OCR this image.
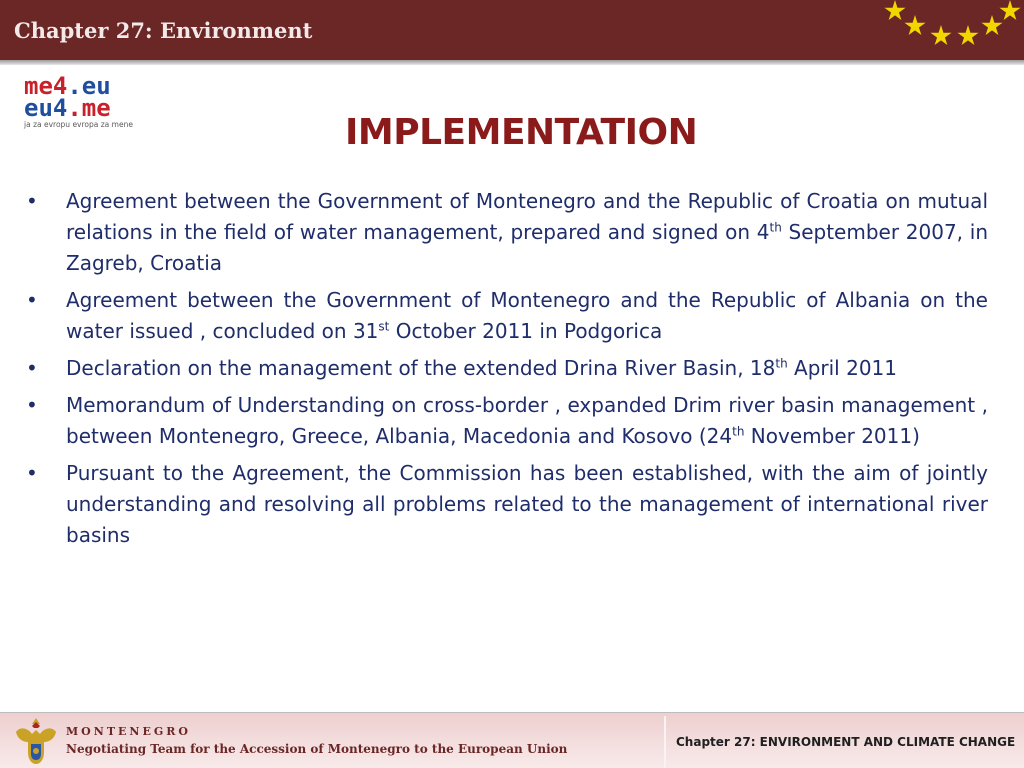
Chapter 27: Environment
me4.eu
eu4.me
ja za evropu evropa za mene	IMPLEMENTATION
• Agreement between the Government of Montenegro and the Republic of Croatia on mutual relations in the field of water management, prepared and signed on 4th September 2007, in Zagreb, Croatia
• Agreement between the Government of Montenegro and the Republic of Albania on the water issued , concluded on 31st October 2011 in Podgorica
• Declaration on the management of the extended Drina River Basin, 18th April 2011
• Memorandum of Understanding on cross-border , expanded Drim river basin management , between Montenegro, Greece, Albania, Macedonia and Kosovo (24th November 2011)
• Pursuant to the Agreement, the Commission has been established, with the aim of jointly understanding and resolving all problems related to the management of international river basins
MONTENEGRO
Negotiating Team for the Accession of Montenegro to the European Union	Chapter 27: ENVIRONMENT AND CLIMATE CHANGE
